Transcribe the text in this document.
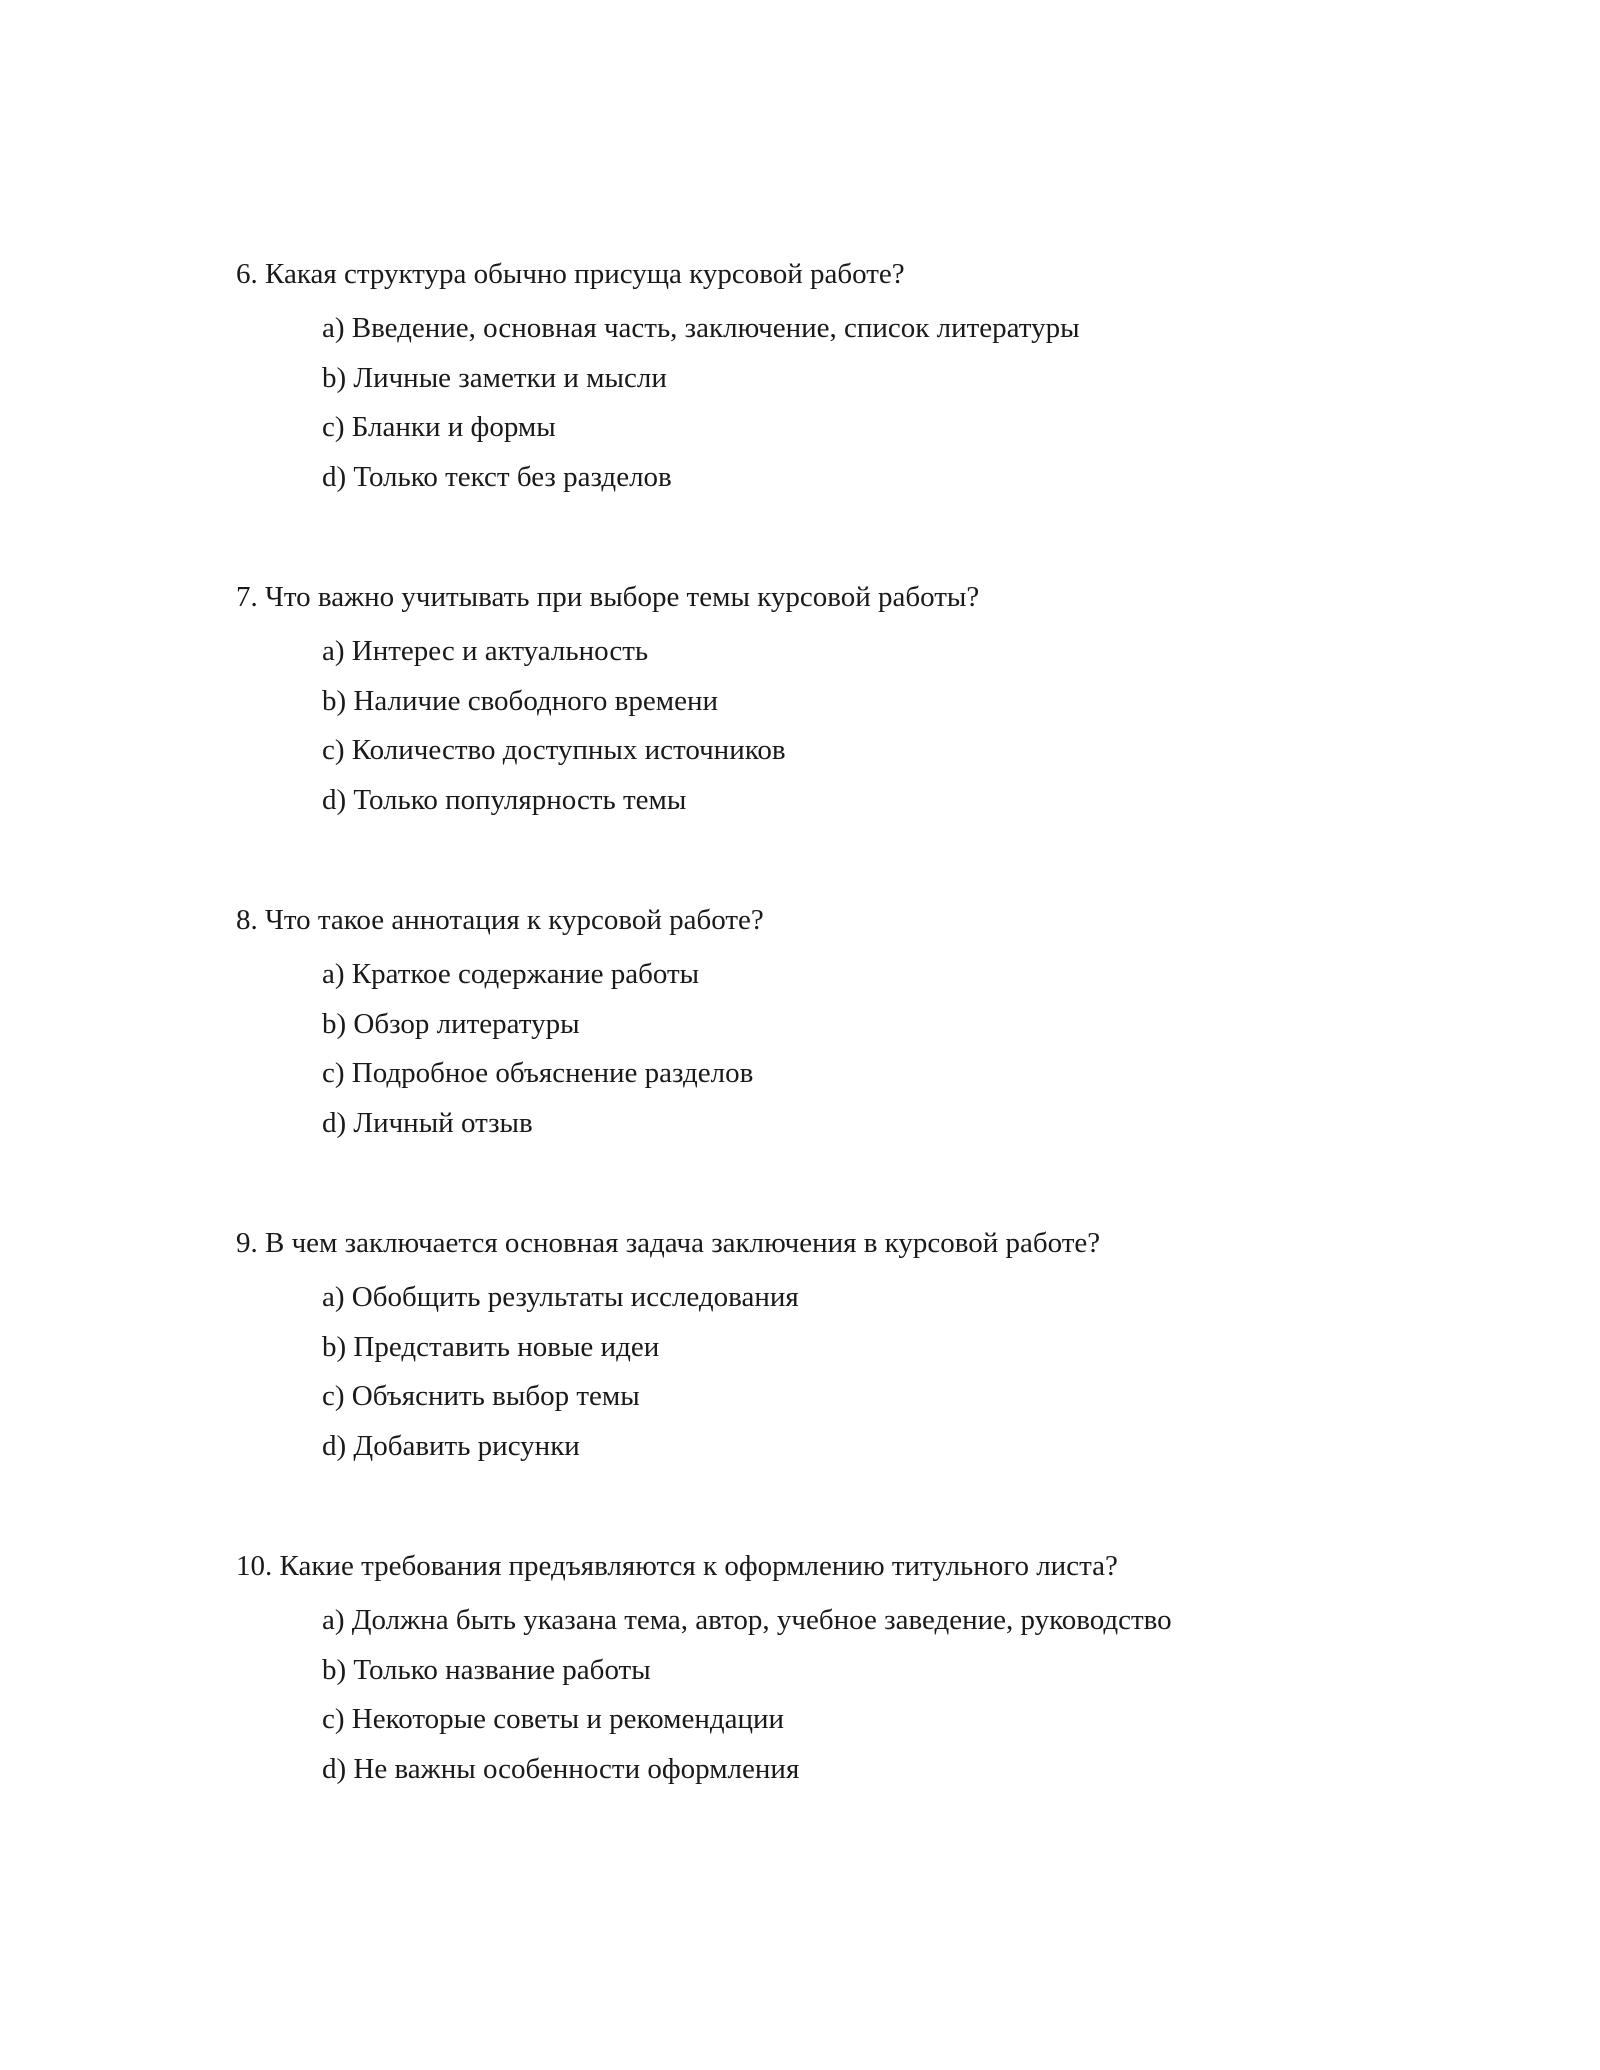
6. Какая структура обычно присуща курсовой работе?

a) Введение, основная часть, заключение, список литературы
b) Личные заметки и мысли
c) Бланки и формы
d) Только текст без разделов

7. Что важно учитывать при выборе темы курсовой работы?

a) Интерес и актуальность
b) Наличие свободного времени
c) Количество доступных источников
d) Только популярность темы

8. Что такое аннотация к курсовой работе?

a) Краткое содержание работы
b) Обзор литературы
c) Подробное объяснение разделов
d) Личный отзыв

9. В чем заключается основная задача заключения в курсовой работе?

a) Обобщить результаты исследования
b) Представить новые идеи
c) Объяснить выбор темы
d) Добавить рисунки

10. Какие требования предъявляются к оформлению титульного листа?

a) Должна быть указана тема, автор, учебное заведение, руководство
b) Только название работы
c) Некоторые советы и рекомендации
d) Не важны особенности оформления
